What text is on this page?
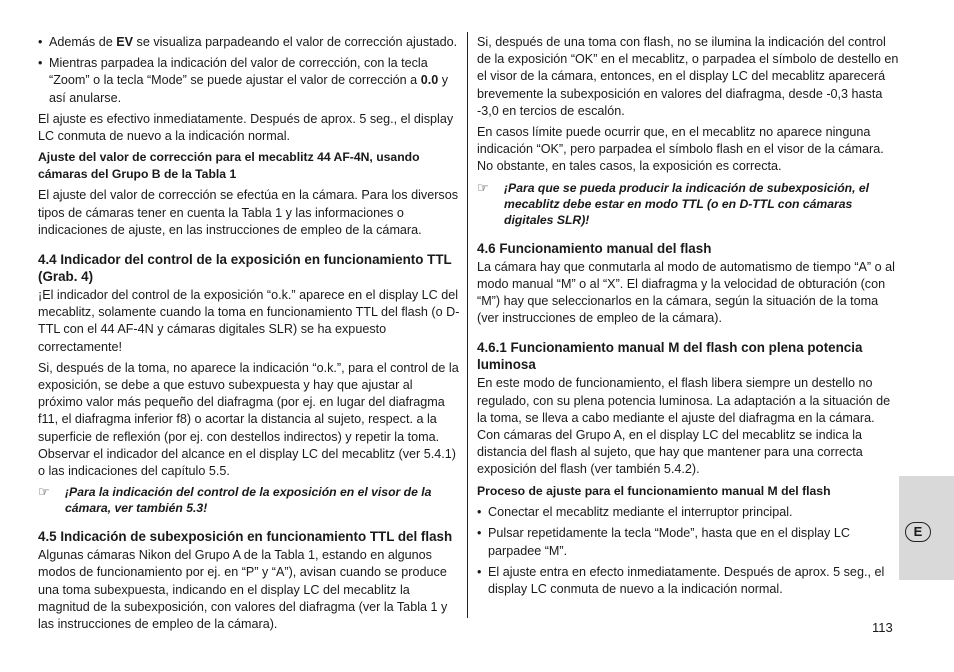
• Además de EV se visualiza parpadeando el valor de corrección ajustado.
• Mientras parpadea la indicación del valor de corrección, con la tecla “Zoom” o la tecla “Mode” se puede ajustar el valor de corrección a 0.0 y así anularse.

El ajuste es efectivo inmediatamente. Después de aprox. 5 seg., el display LC conmuta de nuevo a la indicación normal.

Ajuste del valor de corrección para el mecablitz 44 AF-4N, usando cámaras del Grupo B de la Tabla 1

El ajuste del valor de corrección se efectúa en la cámara. Para los diversos tipos de cámaras tener en cuenta la Tabla 1 y las informaciones o indicaciones de ajuste, en las instrucciones de empleo de la cámara.

4.4 Indicador del control de la exposición en funcionamiento TTL (Grab. 4)

¡El indicador del control de la exposición “o.k.” aparece en el display LC del mecablitz, solamente cuando la toma en funcionamiento TTL del flash (o D-TTL con el 44 AF-4N y cámaras digitales SLR) se ha expuesto correctamente!

Si, después de la toma, no aparece la indicación “o.k.”, para el control de la exposición, se debe a que estuvo subexpuesta y hay que ajustar al próximo valor más pequeño del diafragma (por ej. en lugar del diafragma f11, el diafragma inferior f8) o acortar la distancia al sujeto, respect. a la superficie de reflexión (por ej. con destellos indirectos) y repetir la toma. Observar el indicador del alcance en el display LC del mecablitz (ver 5.4.1) o las indicaciones del capítulo 5.5.

☞	¡Para la indicación del control de la exposición en el visor de la cámara, ver también 5.3!
4.5 Indicación de subexposición en funcionamiento TTL del flash

Algunas cámaras Nikon del Grupo A de la Tabla 1, estando en algunos modos de funcionamiento por ej. en “P” y “A”), avisan cuando se produce una toma subexpuesta, indicando en el display LC del mecablitz la magnitud de la subexposición, con valores del diafragma (ver la Tabla 1 y las instrucciones de empleo de la cámara).

Si, después de una toma con flash, no se ilumina la indicación del control de la exposición “OK” en el mecablitz, o parpadea el símbolo de destello en el visor de la cámara, entonces, en el display LC del mecablitz aparecerá brevemente la subexposición en valores del diafragma, desde -0,3 hasta -3,0 en tercios de escalón.

En casos límite puede ocurrir que, en el mecablitz no aparece ninguna indicación “OK”, pero parpadea el símbolo flash en el visor de la cámara. No obstante, en tales casos, la exposición es correcta.

☞	¡Para que se pueda producir la indicación de subexposición, el mecablitz debe estar en modo TTL (o en D-TTL con cámaras digitales SLR)!
4.6 Funcionamiento manual del flash

La cámara hay que conmutarla al modo de automatismo de tiempo “A” o al modo manual “M” o al “X”. El diafragma y la velocidad de obturación (con “M”) hay que seleccionarlos en la cámara, según la situación de la toma (ver instrucciones de empleo de la cámara).

4.6.1 Funcionamiento manual M del flash con plena potencia luminosa

En este modo de funcionamiento, el flash libera siempre un destello no regulado, con su plena potencia luminosa. La adaptación a la situación de la toma, se lleva a cabo mediante el ajuste del diafragma en la cámara. Con cámaras del Grupo A, en el display LC del mecablitz se indica la distancia del flash al sujeto, que hay que mantener para una correcta exposición del flash (ver también 5.4.2).

Proceso de ajuste para el funcionamiento manual M del flash
• Conectar el mecablitz mediante el interruptor principal.
• Pulsar repetidamente la tecla “Mode”, hasta que en el display LC parpadee “M”.
• El ajuste entra en efecto inmediatamente. Después de aprox. 5 seg., el display LC conmuta de nuevo a la indicación normal.
E
113
